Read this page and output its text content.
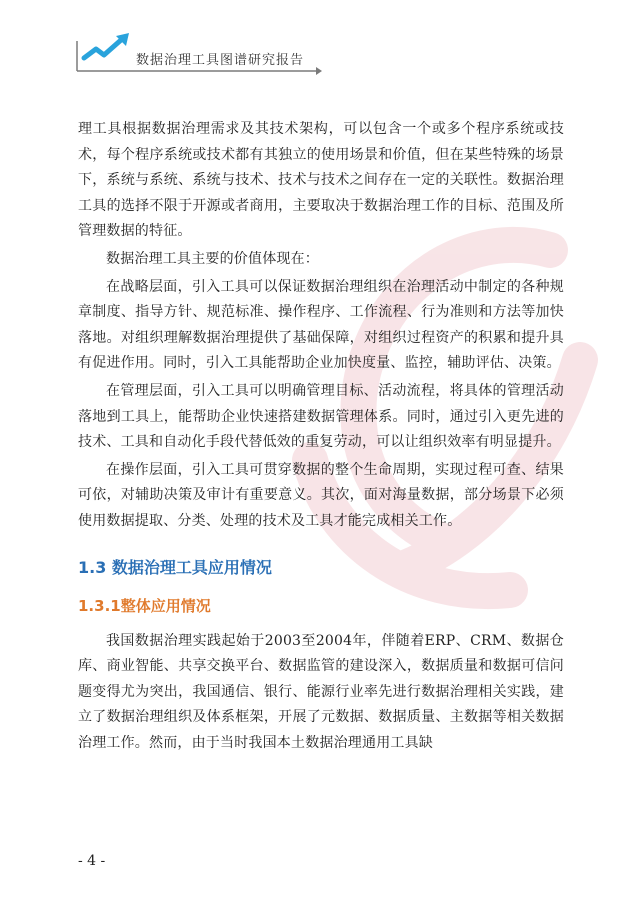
数据治理工具图谱研究报告

理工具根据数据治理需求及其技术架构，可以包含一个或多个程序系统或技术，每个程序系统或技术都有其独立的使用场景和价值，但在某些特殊的场景下，系统与系统、系统与技术、技术与技术之间存在一定的关联性。数据治理工具的选择不限于开源或者商用，主要取决于数据治理工作的目标、范围及所管理数据的特征。

数据治理工具主要的价值体现在：

在战略层面，引入工具可以保证数据治理组织在治理活动中制定的各种规章制度、指导方针、规范标准、操作程序、工作流程、行为准则和方法等加快落地。对组织理解数据治理提供了基础保障，对组织过程资产的积累和提升具有促进作用。同时，引入工具能帮助企业加快度量、监控，辅助评估、决策。

在管理层面，引入工具可以明确管理目标、活动流程，将具体的管理活动落地到工具上，能帮助企业快速搭建数据管理体系。同时，通过引入更先进的技术、工具和自动化手段代替低效的重复劳动，可以让组织效率有明显提升。

在操作层面，引入工具可贯穿数据的整个生命周期，实现过程可查、结果可依，对辅助决策及审计有重要意义。其次，面对海量数据，部分场景下必须使用数据提取、分类、处理的技术及工具才能完成相关工作。

1.3 数据治理工具应用情况
1.3.1整体应用情况

我国数据治理实践起始于2003至2004年，伴随着ERP、CRM、数据仓库、商业智能、共享交换平台、数据监管的建设深入，数据质量和数据可信问题变得尤为突出，我国通信、银行、能源行业率先进行数据治理相关实践，建立了数据治理组织及体系框架，开展了元数据、数据质量、主数据等相关数据治理工作。然而，由于当时我国本土数据治理通用工具缺

- 4 -
